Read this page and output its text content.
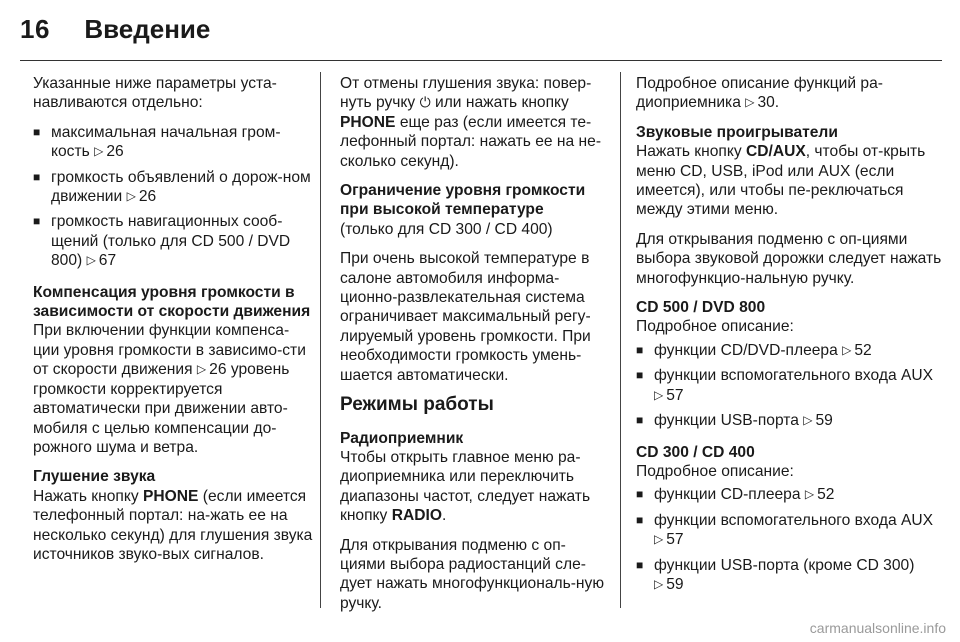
16 Введение

Указанные ниже параметры уста-навливаются отдельно:

■ максимальная начальная гром-кость ▷ 26
■ громкость объявлений о дорож-ном движении ▷ 26
■ громкость навигационных сооб-щений (только для CD 500 / DVD 800) ▷ 67

Компенсация уровня громкости в зависимости от скорости движения

При включении функции компенса-ции уровня громкости в зависимо-сти от скорости движения ▷ 26 уровень громкости корректируется автоматически при движении авто-мобиля с целью компенсации до-рожного шума и ветра.

Глушение звука

Нажать кнопку PHONE (если имеется телефонный портал: на-жать ее на несколько секунд) для глушения звука источников звуко-вых сигналов.

От отмены глушения звука: повер-нуть ручку ⏻ или нажать кнопку PHONE еще раз (если имеется те-лефонный портал: нажать ее на не-сколько секунд).

Ограничение уровня громкости при высокой температуре

(только для CD 300 / CD 400)

При очень высокой температуре в салоне автомобиля информа-ционно-развлекательная система ограничивает максимальный регу-лируемый уровень громкости. При необходимости громкость умень-шается автоматически.

Режимы работы

Радиоприемник

Чтобы открыть главное меню ра-диоприемника или переключить диапазоны частот, следует нажать кнопку RADIO.

Для открывания подменю с оп-циями выбора радиостанций сле-дует нажать многофункциональ-ную ручку.

Подробное описание функций ра-диоприемника ▷ 30.

Звуковые проигрыватели

Нажать кнопку CD/AUX, чтобы от-крыть меню CD, USB, iPod или AUX (если имеется), или чтобы пе-реключаться между этими меню.

Для открывания подменю с оп-циями выбора звуковой дорожки следует нажать многофункцио-нальную ручку.

CD 500 / DVD 800

Подробное описание:

■ функции CD/DVD-плеера ▷ 52
■ функции вспомогательного входа AUX ▷ 57
■ функции USB-порта ▷ 59

CD 300 / CD 400

Подробное описание:

■ функции CD-плеера ▷ 52
■ функции вспомогательного входа AUX ▷ 57
■ функции USB-порта (кроме CD 300) ▷ 59
carmanualsonline.info
